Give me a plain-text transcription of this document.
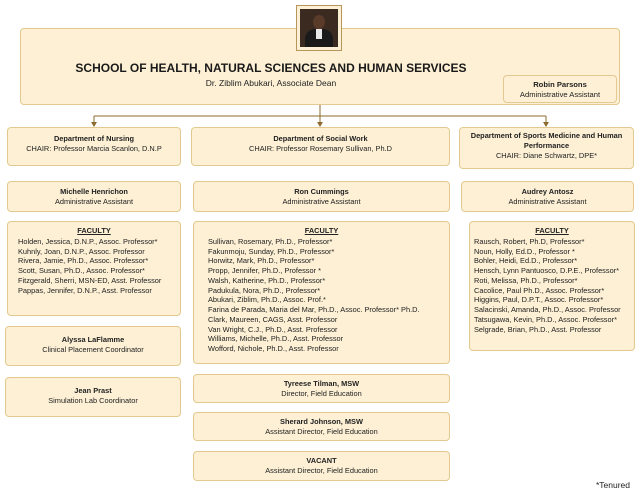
SCHOOL OF HEALTH, NATURAL SCIENCES AND HUMAN SERVICES
Dr. Ziblim Abukari, Associate Dean	Robin Parsons
Administrative Assistant
Department of Nursing
CHAIR: Professor Marcia Scanlon, D.N.P
Michelle Henrichon
Administrative Assistant
FACULTY
Holden, Jessica, D.N.P., Assoc. Professor*
Kuhnly, Joan, D.N.P., Assoc. Professor
Rivera, Jamie, Ph.D., Assoc. Professor*
Scott, Susan, Ph.D., Assoc. Professor*
Fitzgerald, Sherri, MSN-ED, Asst. Professor
Pappas, Jennifer, D.N.P., Asst. Professor
Alyssa LaFlamme
Clinical Placement Coordinator
Jean Prast
Simulation Lab Coordinator
Department of Social Work
CHAIR: Professor Rosemary Sullivan, Ph.D
Ron Cummings
Administrative Assistant
FACULTY
Sullivan, Rosemary, Ph.D., Professor*
Fakunmoju, Sunday, Ph.D., Professor*
Horwitz, Mark, Ph.D., Professor*
Propp, Jennifer, Ph.D., Professor *
Walsh, Katherine, Ph.D., Professor*
Padukula, Nora, Ph.D., Professor*
Abukari, Ziblim, Ph.D., Assoc. Prof.*
Farina de Parada, Maria del Mar, Ph.D., Assoc. Professor* Ph.D.
Clark, Maureen, CAGS, Asst. Professor
Van Wright, C.J., Ph.D., Asst. Professor
Williams, Michelle, Ph.D., Asst. Professor
Wofford, Nichole, Ph.D., Asst. Professor
Tyreese Tilman, MSW
Director, Field Education
Sherard Johnson, MSW
Assistant Director, Field Education
VACANT
Assistant Director, Field Education
Department of Sports Medicine and Human Performance
CHAIR: Diane Schwartz, DPE*
Audrey Antosz
Administrative Assistant
FACULTY
Rausch, Robert, Ph.D, Professor*
Noun, Holly, Ed.D., Professor *
Bohler, Heidi, Ed.D., Professor*
Hensch, Lynn Pantuosco, D.P.E., Professor*
Roti, Melissa, Ph.D., Professor*
Cacolice, Paul Ph.D., Assoc. Professor*
Higgins, Paul, D.P.T., Assoc. Professor*
Salacinski, Amanda, Ph.D., Assoc. Professor
Tatsugawa, Kevin, Ph.D., Assoc. Professor*
Selgrade, Brian, Ph.D., Asst. Professor
*Tenured
